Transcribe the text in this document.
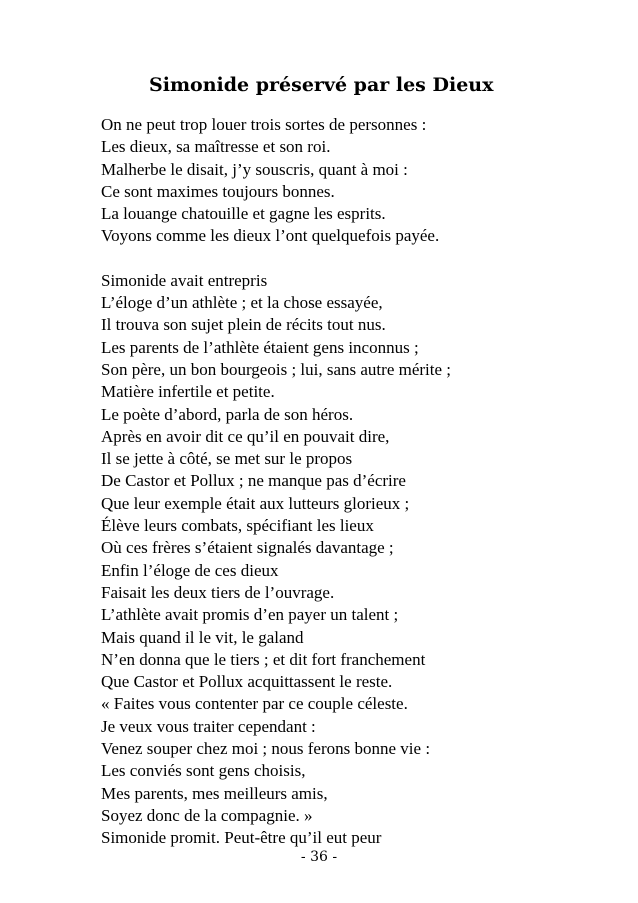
Simonide préservé par les Dieux
On ne peut trop louer trois sortes de personnes :
Les dieux, sa maîtresse et son roi.
Malherbe le disait, j’y souscris, quant à moi :
Ce sont maximes toujours bonnes.
La louange chatouille et gagne les esprits.
Voyons comme les dieux l’ont quelquefois payée.
Simonide avait entrepris
L’éloge d’un athlète ; et la chose essayée,
Il trouva son sujet plein de récits tout nus.
Les parents de l’athlète étaient gens inconnus ;
Son père, un bon bourgeois ; lui, sans autre mérite ;
Matière infertile et petite.
Le poète d’abord, parla de son héros.
Après en avoir dit ce qu’il en pouvait dire,
Il se jette à côté, se met sur le propos
De Castor et Pollux ; ne manque pas d’écrire
Que leur exemple était aux lutteurs glorieux ;
Élève leurs combats, spécifiant les lieux
Où ces frères s’étaient signalés davantage ;
Enfin l’éloge de ces dieux
Faisait les deux tiers de l’ouvrage.
L’athlète avait promis d’en payer un talent ;
Mais quand il le vit, le galand
N’en donna que le tiers ; et dit fort franchement
Que Castor et Pollux acquittassent le reste.
« Faites vous contenter par ce couple céleste.
Je veux vous traiter cependant :
Venez souper chez moi ; nous ferons bonne vie :
Les conviés sont gens choisis,
Mes parents, mes meilleurs amis,
Soyez donc de la compagnie. »
Simonide promit. Peut-être qu’il eut peur
- 36 -
